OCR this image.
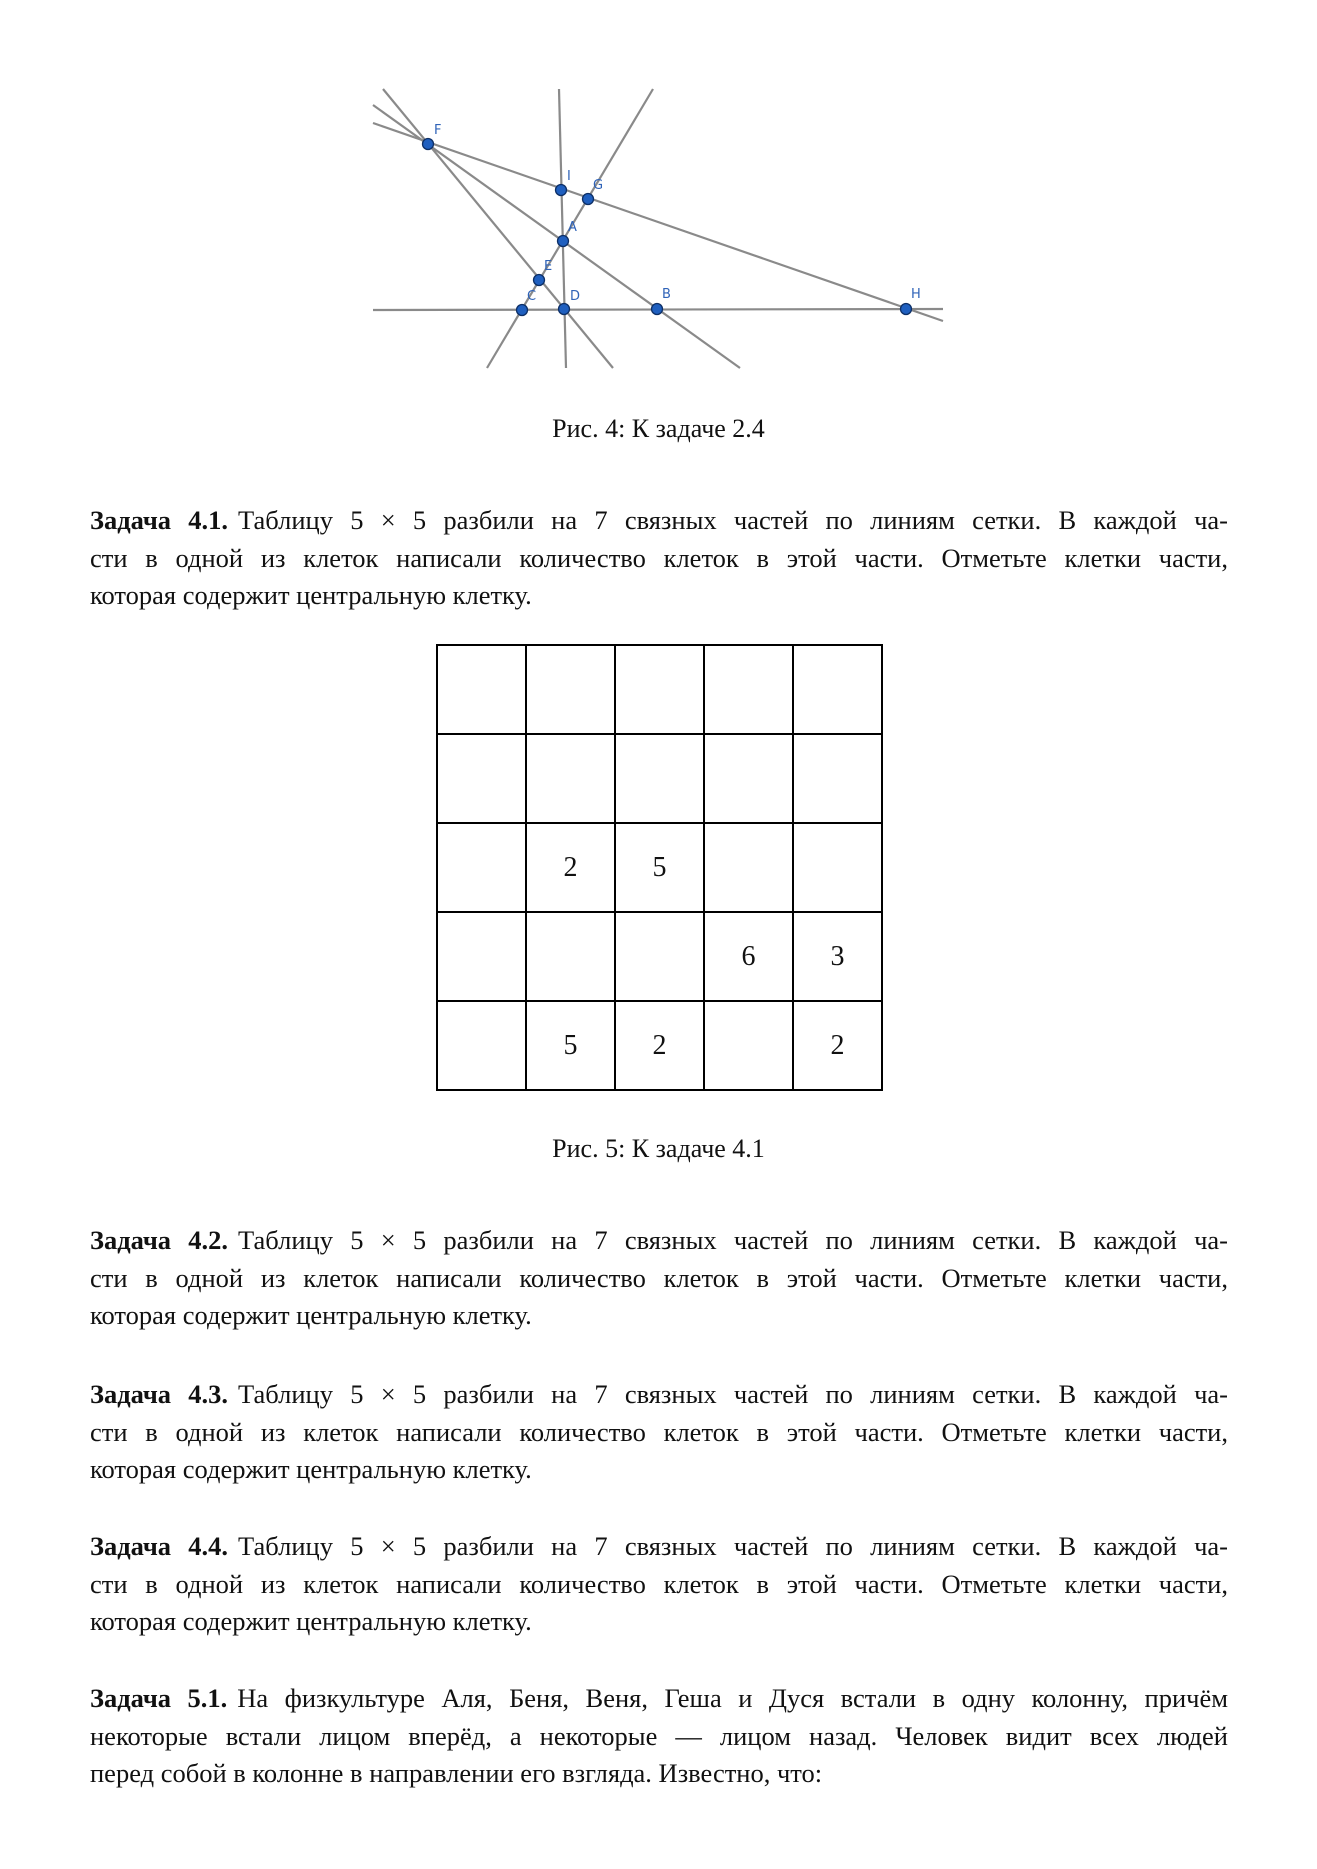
F
I
G
A
E
C	D	B	H
Рис. 4: К задаче 2.4
Задача 4.1. Таблицу 5 × 5 разбили на 7 связных частей по линиям сетки. В каждой ча-
сти в одной из клеток написали количество клеток в этой части. Отметьте клетки части,
которая содержит центральную клетку.

	2	5		
			6	3
	5	2		2
Рис. 5: К задаче 4.1
Задача 4.2. Таблицу 5 × 5 разбили на 7 связных частей по линиям сетки. В каждой ча-
сти в одной из клеток написали количество клеток в этой части. Отметьте клетки части,
которая содержит центральную клетку.
Задача 4.3. Таблицу 5 × 5 разбили на 7 связных частей по линиям сетки. В каждой ча-
сти в одной из клеток написали количество клеток в этой части. Отметьте клетки части,
которая содержит центральную клетку.
Задача 4.4. Таблицу 5 × 5 разбили на 7 связных частей по линиям сетки. В каждой ча-
сти в одной из клеток написали количество клеток в этой части. Отметьте клетки части,
которая содержит центральную клетку.
Задача 5.1. На физкультуре Аля, Беня, Веня, Геша и Дуся встали в одну колонну, причём
некоторые встали лицом вперёд, а некоторые — лицом назад. Человек видит всех людей
перед собой в колонне в направлении его взгляда. Известно, что:
